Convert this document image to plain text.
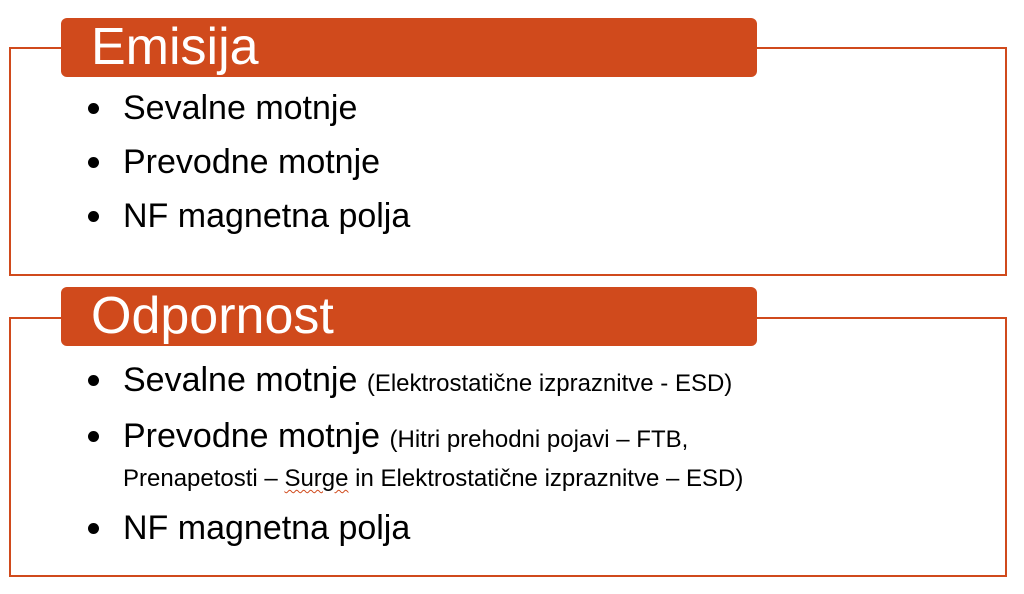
Emisija
Sevalne motnje
Prevodne motnje
NF magnetna polja
Odpornost
Sevalne motnje (Elektrostatične izpraznitve - ESD)
Prevodne motnje (Hitri prehodni pojavi – FTB,
Prenapetosti – Surge in Elektrostatične izpraznitve – ESD)
NF magnetna polja
